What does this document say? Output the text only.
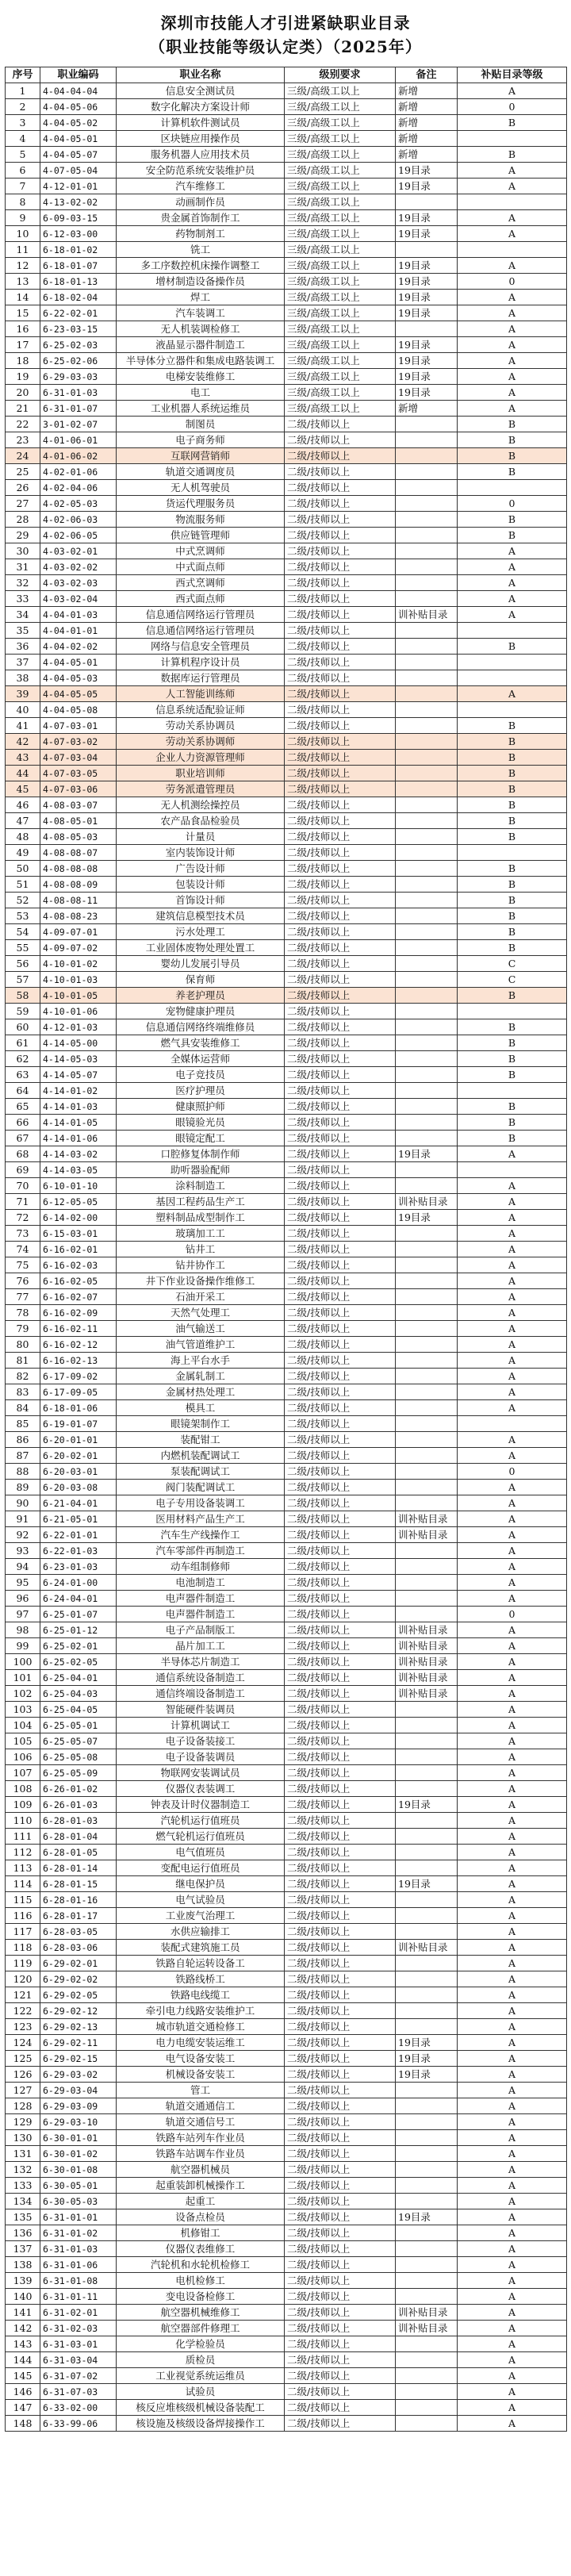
深圳市技能人才引进紧缺职业目录
（职业技能等级认定类）（2025年）
序号	职业编码	职业名称	级别要求	备注	补贴目录等级
1	4-04-04-04	信息安全测试员	三级/高级工以上	新增	A
2	4-04-05-06	数字化解决方案设计师	三级/高级工以上	新增	0
3	4-04-05-02	计算机软件测试员	三级/高级工以上	新增	B
4	4-04-05-01	区块链应用操作员	三级/高级工以上	新增	
5	4-04-05-07	服务机器人应用技术员	三级/高级工以上	新增	B
6	4-07-05-04	安全防范系统安装维护员	三级/高级工以上	19目录	A
7	4-12-01-01	汽车维修工	三级/高级工以上	19目录	A
8	4-13-02-02	动画制作员	三级/高级工以上		
9	6-09-03-15	贵金属首饰制作工	三级/高级工以上	19目录	A
10	6-12-03-00	药物制剂工	三级/高级工以上	19目录	A
11	6-18-01-02	铣工	三级/高级工以上		
12	6-18-01-07	多工序数控机床操作调整工	三级/高级工以上	19目录	A
13	6-18-01-13	增材制造设备操作员	三级/高级工以上	19目录	0
14	6-18-02-04	焊工	三级/高级工以上	19目录	A
15	6-22-02-01	汽车装调工	三级/高级工以上	19目录	A
16	6-23-03-15	无人机装调检修工	三级/高级工以上		A
17	6-25-02-03	液晶显示器件制造工	三级/高级工以上	19目录	A
18	6-25-02-06	半导体分立器件和集成电路装调工	三级/高级工以上	19目录	A
19	6-29-03-03	电梯安装维修工	三级/高级工以上	19目录	A
20	6-31-01-03	电工	三级/高级工以上	19目录	A
21	6-31-01-07	工业机器人系统运维员	三级/高级工以上	新增	A
22	3-01-02-07	制图员	二级/技师以上		B
23	4-01-06-01	电子商务师	二级/技师以上		B
24	4-01-06-02	互联网营销师	二级/技师以上		B
25	4-02-01-06	轨道交通调度员	二级/技师以上		B
26	4-02-04-06	无人机驾驶员	二级/技师以上		
27	4-02-05-03	货运代理服务员	二级/技师以上		0
28	4-02-06-03	物流服务师	二级/技师以上		B
29	4-02-06-05	供应链管理师	二级/技师以上		B
30	4-03-02-01	中式烹调师	二级/技师以上		A
31	4-03-02-02	中式面点师	二级/技师以上		A
32	4-03-02-03	西式烹调师	二级/技师以上		A
33	4-03-02-04	西式面点师	二级/技师以上		A
34	4-04-01-03	信息通信网络运行管理员	二级/技师以上	训补贴目录	A
35	4-04-01-01	信息通信网络运行管理员	二级/技师以上		
36	4-04-02-02	网络与信息安全管理员	二级/技师以上		B
37	4-04-05-01	计算机程序设计员	二级/技师以上		
38	4-04-05-03	数据库运行管理员	二级/技师以上		
39	4-04-05-05	人工智能训练师	二级/技师以上		A
40	4-04-05-08	信息系统适配验证师	二级/技师以上		
41	4-07-03-01	劳动关系协调员	二级/技师以上		B
42	4-07-03-02	劳动关系协调师	二级/技师以上		B
43	4-07-03-04	企业人力资源管理师	二级/技师以上		B
44	4-07-03-05	职业培训师	二级/技师以上		B
45	4-07-03-06	劳务派遣管理员	二级/技师以上		B
46	4-08-03-07	无人机测绘操控员	二级/技师以上		B
47	4-08-05-01	农产品食品检验员	二级/技师以上		B
48	4-08-05-03	计量员	二级/技师以上		B
49	4-08-08-07	室内装饰设计师	二级/技师以上		
50	4-08-08-08	广告设计师	二级/技师以上		B
51	4-08-08-09	包装设计师	二级/技师以上		B
52	4-08-08-11	首饰设计师	二级/技师以上		B
53	4-08-08-23	建筑信息模型技术员	二级/技师以上		B
54	4-09-07-01	污水处理工	二级/技师以上		B
55	4-09-07-02	工业固体废物处理处置工	二级/技师以上		B
56	4-10-01-02	婴幼儿发展引导员	二级/技师以上		C
57	4-10-01-03	保育师	二级/技师以上		C
58	4-10-01-05	养老护理员	二级/技师以上		B
59	4-10-01-06	宠物健康护理员	二级/技师以上		
60	4-12-01-03	信息通信网络终端维修员	二级/技师以上		B
61	4-14-05-00	燃气具安装维修工	二级/技师以上		B
62	4-14-05-03	全媒体运营师	二级/技师以上		B
63	4-14-05-07	电子竞技员	二级/技师以上		B
64	4-14-01-02	医疗护理员	二级/技师以上		
65	4-14-01-03	健康照护师	二级/技师以上		B
66	4-14-01-05	眼镜验光员	二级/技师以上		B
67	4-14-01-06	眼镜定配工	二级/技师以上		B
68	4-14-03-02	口腔修复体制作师	二级/技师以上	19目录	A
69	4-14-03-05	助听器验配师	二级/技师以上		
70	6-10-01-10	涂料制造工	二级/技师以上		A
71	6-12-05-05	基因工程药品生产工	二级/技师以上	训补贴目录	A
72	6-14-02-00	塑料制品成型制作工	二级/技师以上	19目录	A
73	6-15-03-01	玻璃加工工	二级/技师以上		A
74	6-16-02-01	钻井工	二级/技师以上		A
75	6-16-02-03	钻井协作工	二级/技师以上		A
76	6-16-02-05	井下作业设备操作维修工	二级/技师以上		A
77	6-16-02-07	石油开采工	二级/技师以上		A
78	6-16-02-09	天然气处理工	二级/技师以上		A
79	6-16-02-11	油气输送工	二级/技师以上		A
80	6-16-02-12	油气管道维护工	二级/技师以上		A
81	6-16-02-13	海上平台水手	二级/技师以上		A
82	6-17-09-02	金属轧制工	二级/技师以上		A
83	6-17-09-05	金属材热处理工	二级/技师以上		A
84	6-18-01-06	模具工	二级/技师以上		A
85	6-19-01-07	眼镜架制作工	二级/技师以上		
86	6-20-01-01	装配钳工	二级/技师以上		A
87	6-20-02-01	内燃机装配调试工	二级/技师以上		A
88	6-20-03-01	泵装配调试工	二级/技师以上		0
89	6-20-03-08	阀门装配调试工	二级/技师以上		A
90	6-21-04-01	电子专用设备装调工	二级/技师以上		A
91	6-21-05-01	医用材料产品生产工	二级/技师以上	训补贴目录	A
92	6-22-01-01	汽车生产线操作工	二级/技师以上	训补贴目录	A
93	6-22-01-03	汽车零部件再制造工	二级/技师以上		A
94	6-23-01-03	动车组制修师	二级/技师以上		A
95	6-24-01-00	电池制造工	二级/技师以上		A
96	6-24-04-01	电声器件制造工	二级/技师以上		A
97	6-25-01-07	电声器件制造工	二级/技师以上		0
98	6-25-01-12	电子产品制版工	二级/技师以上	训补贴目录	A
99	6-25-02-01	晶片加工工	二级/技师以上	训补贴目录	A
100	6-25-02-05	半导体芯片制造工	二级/技师以上	训补贴目录	A
101	6-25-04-01	通信系统设备制造工	二级/技师以上	训补贴目录	A
102	6-25-04-03	通信终端设备制造工	二级/技师以上	训补贴目录	A
103	6-25-04-05	智能硬件装调员	二级/技师以上		A
104	6-25-05-01	计算机调试工	二级/技师以上		A
105	6-25-05-07	电子设备装接工	二级/技师以上		A
106	6-25-05-08	电子设备装调员	二级/技师以上		A
107	6-25-05-09	物联网安装调试员	二级/技师以上		A
108	6-26-01-02	仪器仪表装调工	二级/技师以上		A
109	6-26-01-03	钟表及计时仪器制造工	二级/技师以上	19目录	A
110	6-28-01-03	汽轮机运行值班员	二级/技师以上		A
111	6-28-01-04	燃气轮机运行值班员	二级/技师以上		A
112	6-28-01-05	电气值班员	二级/技师以上		A
113	6-28-01-14	变配电运行值班员	二级/技师以上		A
114	6-28-01-15	继电保护员	二级/技师以上	19目录	A
115	6-28-01-16	电气试验员	二级/技师以上		A
116	6-28-01-17	工业废气治理工	二级/技师以上		A
117	6-28-03-05	水供应输排工	二级/技师以上		A
118	6-28-03-06	装配式建筑施工员	二级/技师以上	训补贴目录	A
119	6-29-02-01	铁路自轮运转设备工	二级/技师以上		A
120	6-29-02-02	铁路线桥工	二级/技师以上		A
121	6-29-02-05	铁路电线缆工	二级/技师以上		A
122	6-29-02-12	牵引电力线路安装维护工	二级/技师以上		A
123	6-29-02-13	城市轨道交通检修工	二级/技师以上		A
124	6-29-02-11	电力电缆安装运维工	二级/技师以上	19目录	A
125	6-29-02-15	电气设备安装工	二级/技师以上	19目录	A
126	6-29-03-02	机械设备安装工	二级/技师以上	19目录	A
127	6-29-03-04	管工	二级/技师以上		A
128	6-29-03-09	轨道交通通信工	二级/技师以上		A
129	6-29-03-10	轨道交通信号工	二级/技师以上		A
130	6-30-01-01	铁路车站列车作业员	二级/技师以上		A
131	6-30-01-02	铁路车站调车作业员	二级/技师以上		A
132	6-30-01-08	航空器机械员	二级/技师以上		A
133	6-30-05-01	起重装卸机械操作工	二级/技师以上		A
134	6-30-05-03	起重工	二级/技师以上		A
135	6-31-01-01	设备点检员	二级/技师以上	19目录	A
136	6-31-01-02	机修钳工	二级/技师以上		A
137	6-31-01-03	仪器仪表维修工	二级/技师以上		A
138	6-31-01-06	汽轮机和水轮机检修工	二级/技师以上		A
139	6-31-01-08	电机检修工	二级/技师以上		A
140	6-31-01-11	变电设备检修工	二级/技师以上		A
141	6-31-02-01	航空器机械维修工	二级/技师以上	训补贴目录	A
142	6-31-02-03	航空器部件修理工	二级/技师以上	训补贴目录	A
143	6-31-03-01	化学检验员	二级/技师以上		A
144	6-31-03-04	质检员	二级/技师以上		A
145	6-31-07-02	工业视觉系统运维员	二级/技师以上		A
146	6-31-07-03	试验员	二级/技师以上		A
147	6-33-02-00	核反应堆核级机械设备装配工	二级/技师以上		A
148	6-33-99-06	核设施及核级设备焊接操作工	二级/技师以上		A
